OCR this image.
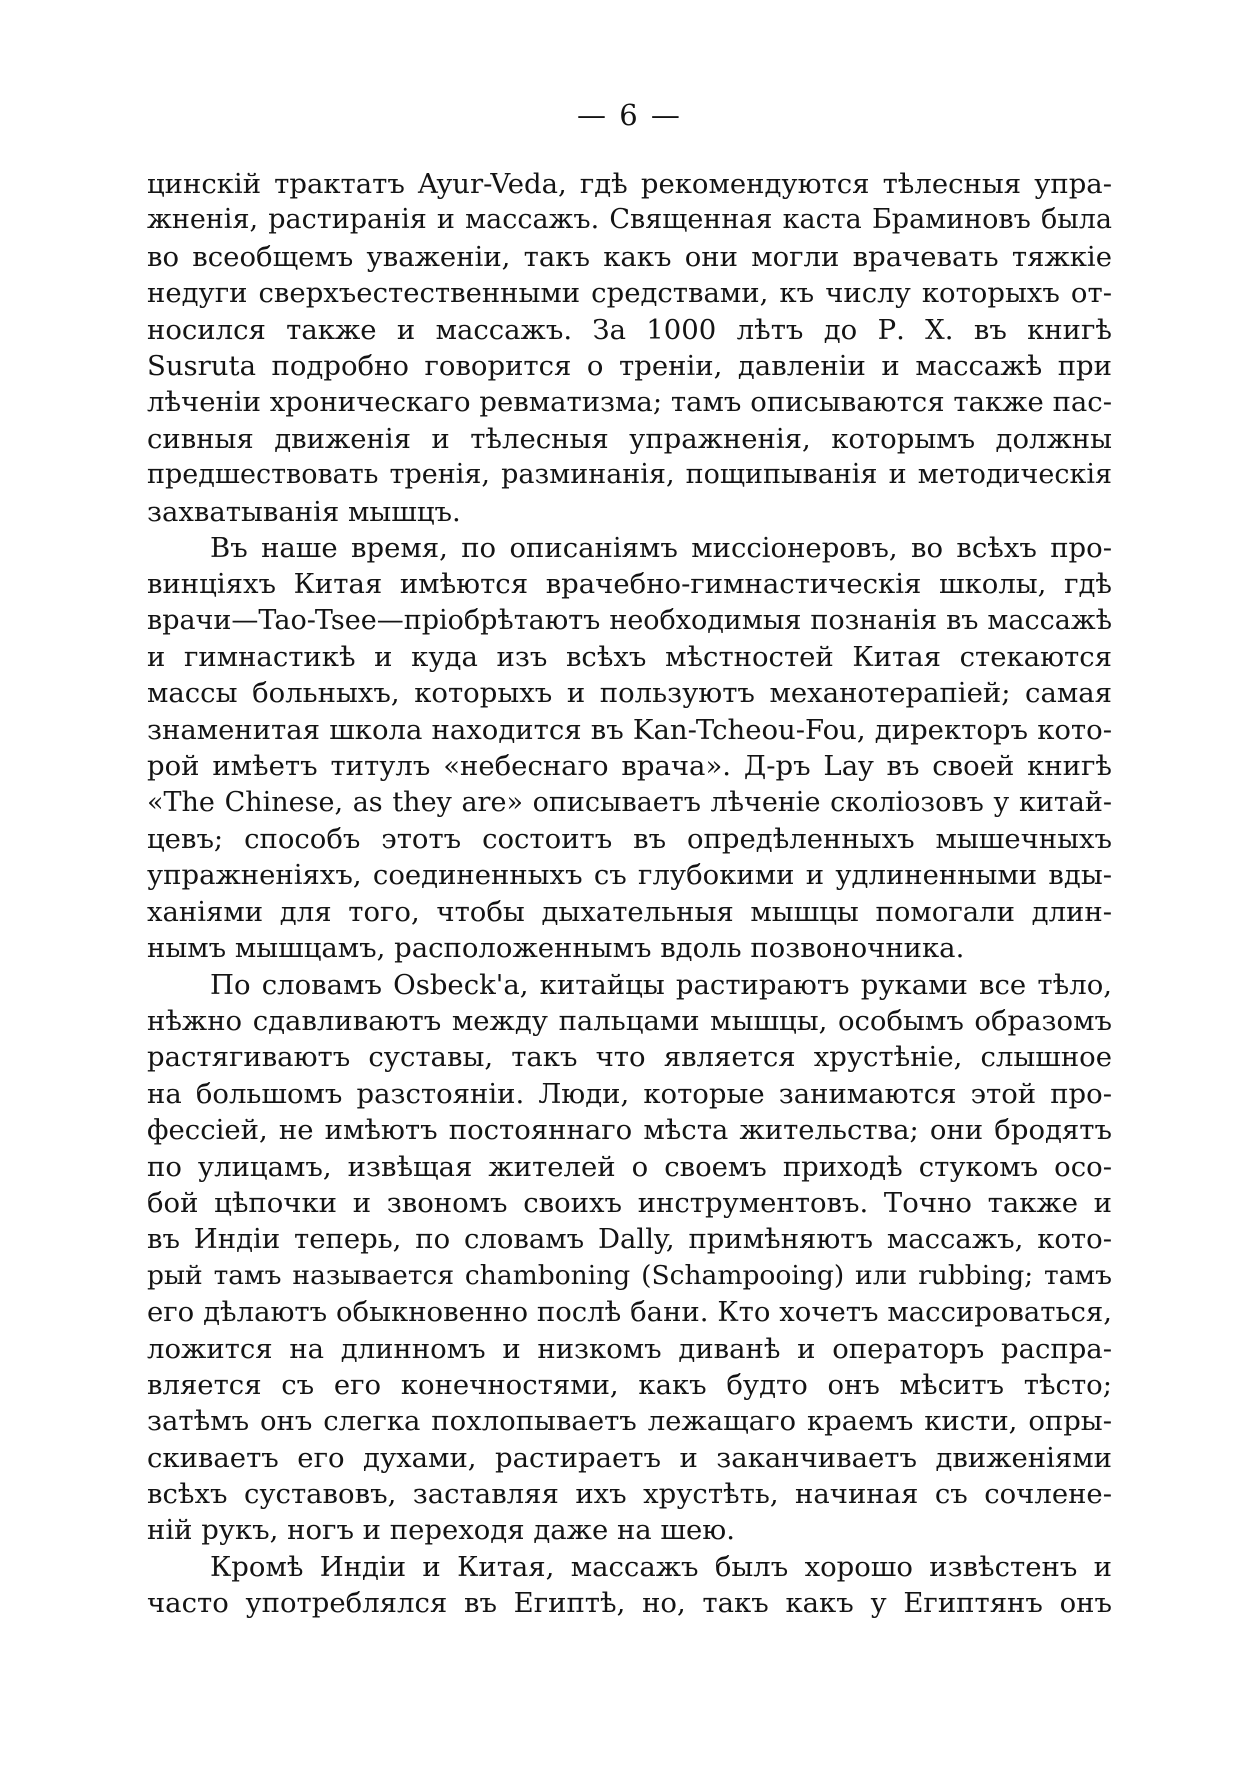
— 6 —

цинскій трактатъ Ayur-Veda, гдѣ рекомендуются тѣлесныя упра-
жненія, растиранія и массажъ. Священная каста Браминовъ была
во всеобщемъ уваженіи, такъ какъ они могли врачевать тяжкіе
недуги сверхъестественными средствами, къ числу которыхъ от-
носился также и массажъ. За 1000 лѣтъ до Р. Х. въ книгѣ
Susruta подробно говорится о треніи, давленіи и массажѣ при
лѣченіи хроническаго ревматизма; тамъ описываются также пас-
сивныя движенія и тѣлесныя упражненія, которымъ должны
предшествовать тренія, разминанія, пощипыванія и методическія
захватыванія мышцъ.
Въ наше время, по описаніямъ миссіонеровъ, во всѣхъ про-
винціяхъ Китая имѣются врачебно-гимнастическія школы, гдѣ
врачи—Tao-Tsee—пріобрѣтаютъ необходимыя познанія въ массажѣ
и гимнастикѣ и куда изъ всѣхъ мѣстностей Китая стекаются
массы больныхъ, которыхъ и пользуютъ механотерапіей; самая
знаменитая школа находится въ Kan-Tcheou-Fou, директоръ кото-
рой имѣетъ титулъ «небеснаго врача». Д-ръ Lay въ своей книгѣ
«The Chinese, as they are» описываетъ лѣченіе сколіозовъ у китай-
цевъ; способъ этотъ состоитъ въ опредѣленныхъ мышечныхъ
упражненіяхъ, соединенныхъ съ глубокими и удлиненными вды-
ханіями для того, чтобы дыхательныя мышцы помогали длин-
нымъ мышцамъ, расположеннымъ вдоль позвоночника.
По словамъ Osbeck'a, китайцы растираютъ руками все тѣло,
нѣжно сдавливаютъ между пальцами мышцы, особымъ образомъ
растягиваютъ суставы, такъ что является хрустѣніе, слышное
на большомъ разстояніи. Люди, которые занимаются этой про-
фессіей, не имѣютъ постояннаго мѣста жительства; они бродятъ
по улицамъ, извѣщая жителей о своемъ приходѣ стукомъ осо-
бой цѣпочки и звономъ своихъ инструментовъ. Точно также и
въ Индіи теперь, по словамъ Dally, примѣняютъ массажъ, кото-
рый тамъ называется chamboning (Schampooing) или rubbing; тамъ
его дѣлаютъ обыкновенно послѣ бани. Кто хочетъ массироваться,
ложится на длинномъ и низкомъ диванѣ и операторъ распра-
вляется съ его конечностями, какъ будто онъ мѣситъ тѣсто;
затѣмъ онъ слегка похлопываетъ лежащаго краемъ кисти, опры-
скиваетъ его духами, растираетъ и заканчиваетъ движеніями
всѣхъ суставовъ, заставляя ихъ хрустѣть, начиная съ сочлене-
ній рукъ, ногъ и переходя даже на шею.
Кромѣ Индіи и Китая, массажъ былъ хорошо извѣстенъ и
часто употреблялся въ Египтѣ, но, такъ какъ у Египтянъ онъ
